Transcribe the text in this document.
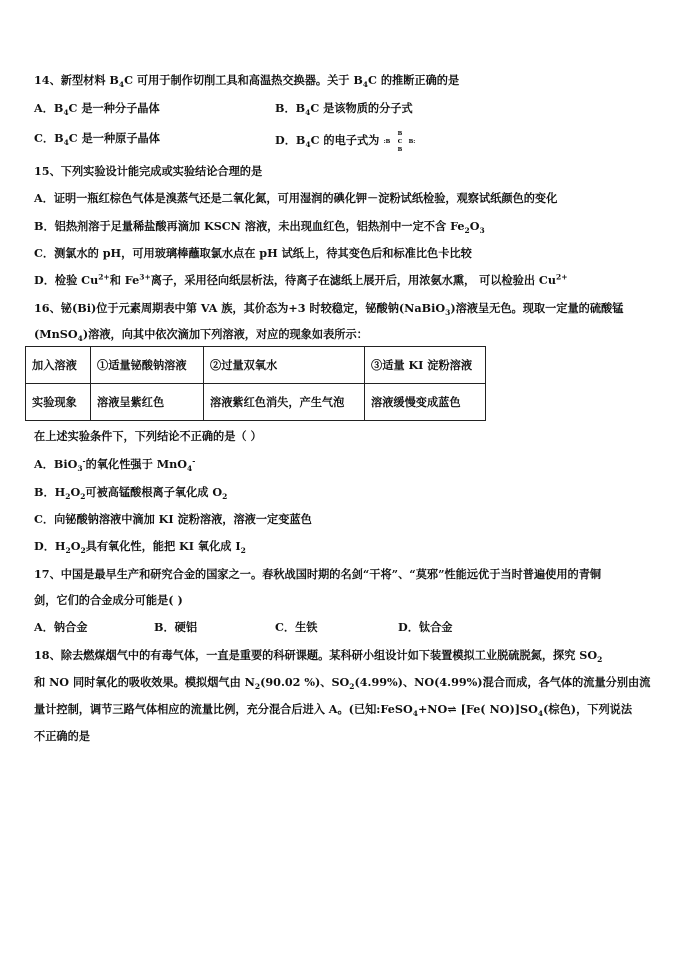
14、新型材料 $B_4C$ 可用于制作切削工具和高温热交换器。关于 $B_4C$ 的推断正确的是
A．$B_4C$ 是一种分子晶体	B．$B_4C$ 是该物质的分子式
C．$B_4C$ 是一种原子晶体	D．$B_4C$ 的电子式为	B
:B C B:
B
15、下列实验设计能完成或实验结论合理的是
A．证明一瓶红棕色气体是溴蒸气还是二氧化氮，可用湿润的碘化钾－淀粉试纸检验，观察试纸颜色的变化
B．铝热剂溶于足量稀盐酸再滴加 KSCN 溶液，未出现血红色，铝热剂中一定不含 $Fe_2O_3$
C．测氯水的 pH，可用玻璃棒蘸取氯水点在 pH 试纸上，待其变色后和标准比色卡比较
D．检验 $Cu^{2+}$和 $Fe^{3+}$离子，采用径向纸层析法，待离子在滤纸上展开后，用浓氨水熏， 可以检验出 $Cu^{2+}$
16、铋(Bi)位于元素周期表中第 VA 族，其价态为+3 时较稳定，铋酸钠(NaBiO$_3$)溶液呈无色。现取一定量的硫酸锰
(MnSO$_4$)溶液，向其中依次滴加下列溶液，对应的现象如表所示：
加入溶液	①适量铋酸钠溶液	②过量双氧水	③适量 KI 淀粉溶液
实验现象	溶液呈紫红色	溶液紫红色消失，产生气泡	溶液缓慢变成蓝色
在上述实验条件下，下列结论不正确的是（ ）
A．BiO$_3$-的氧化性强于 MnO$_4$-
B．$H_2O_2$可被高锰酸根离子氧化成 $O_2$
C．向铋酸钠溶液中滴加 KI 淀粉溶液，溶液一定变蓝色
D．$H_2O_2$具有氧化性，能把 KI 氧化成 $I_2$
17、中国是最早生产和研究合金的国家之一。春秋战国时期的名剑“干将”、“莫邪”性能远优于当时普遍使用的青铜
剑，它们的合金成分可能是( )
A．钠合金	B．硬铝	C．生铁	D．钛合金
18、除去燃煤烟气中的有毒气体，一直是重要的科研课题。某科研小组设计如下装置模拟工业脱硫脱氮，探究 $SO_2$
和 NO 同时氧化的吸收效果。模拟烟气由 $N_2(90.02$ %)、$SO_2(4.99\%)$、NO(4.99%)混合而成，各气体的流量分别由流
量计控制，调节三路气体相应的流量比例，充分混合后进入 A。(已知:FeSO$_4$+NO⇌ [Fe( $NO)]SO_4$(棕色)，下列说法
不正确的是
